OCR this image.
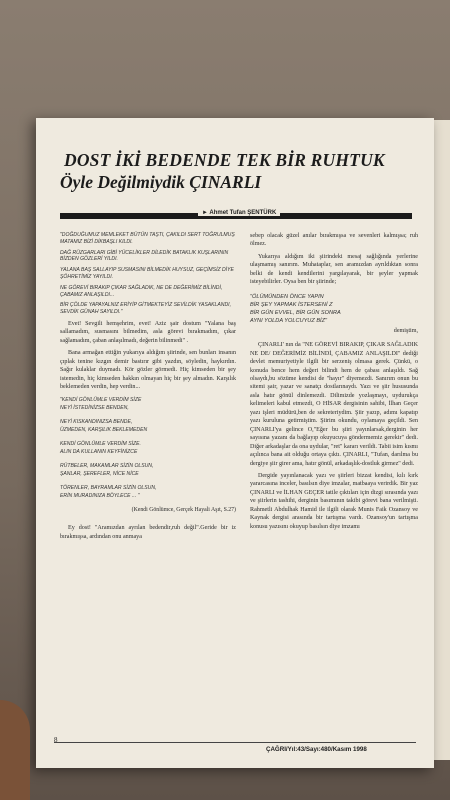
DOST İKİ BEDENDE TEK BİR RUHTUK
Öyle Değilmiydik ÇINARLI
► Ahmet Tufan ŞENTÜRK

"DOĞDUĞUMUZ MEMLEKET BÜTÜN TAŞTI, ÇAKILDI SERT TOĞRULMUŞ MATAMIZ BİZİ DİKBAŞLI KILDI.

DAĞ RÜZGARLARI GİBİ YÜCELİKLER DİLEDİK BATAKLIK KUŞLARININ BİZDEN GÖZLERİ YILDI.

YALANA BAŞ SALLAYIP SUSMASINI BİLMEDİK HUYSUZ, GEÇİMSİZ DİYE ŞÖHRETİMİZ YAYILDI.

NE GÖREVİ BIRAKIP ÇIKAR SAĞLADIK, NE DE DEĞERİMİZ BİLİNDİ, ÇABAMIZ ANLAŞILDI...

BİR ÇÖLDE YAPAYALNIZ ERİYİP GİTMEKTEYİZ SEVİLDİK YASAKLANDI, SEVDİK GÜNAH SAYILDI."

Evet! Sevgili hemşehrim, evet! Aziz şair dostum "Yalana baş sallamadım, susmasını bilmedim, asla görevi bırakmadım, çıkar sağlamadım, çaban anlaşılmadı, değerin bilinmedi" .

Bana armağan ettiğin yukarıya aldığım şiirinde, sen bunları insanın çıplak tenine kızgın demir bastırır gibi yazdın, söyledin, haykırdın. Sağır kulaklar duymadı. Kör gözler görmedi. Hiç kimseden bir şey istemedin, hiç kimseden hakkın olmayan hiç bir şey almadın. Karşılık beklemeden verdin, hep verdin...

"KENDİ GÖNLÜMLE VERDİM SİZE
NEYİ İSTEDİNİZSE BENDEN,
NEYİ KISKANDINIZSA BENDE,
ÜZMEDEN, KARŞILIK BEKLEMEDEN
KENDİ GÖNLÜMLE VERDİM SİZE.
ALIN DA KULLANIN KEYFİNİZCE
RÜTBELER, MAKAMLAR SİZİN OLSUN,
ŞANLAR, ŞEREFLER, NİCE NİCE
TÖRENLER, BAYRAMLAR SİZİN OLSUN,
ERİN MURADINIZA BÖYLECE ... "

(Kendi Gönlümce, Gerçek Hayali Aşıt, S.27)

Ey dost! "Aramızdan ayrılan bedendir,ruh değil".Geride bir iz bırakmışsa, ardından onu anmaya

sebep olacak güzel anılar bırakmışsa ve sevenleri kalmışsa; ruh ölmez.

Yukarıya aldığım iki şiirindeki mesaj sağlığında yerlerine ulaşmamış sanırım. Muhataplar, sen aramızdan ayrıldıktan sonra belki de kendi kendilerini yargılayarak, bir şeyler yapmak isteyebilirler. Oysa ben bir şiirinde;

"ÖLÜMÜNDEN ÖNCE YAPIN
BİR ŞEY YAPMAK İSTERSENİ Z
BİR GÜN EVVEL, BİR GÜN SONRA
AYNI YOLDA YOLCUYUZ BİZ"

demiştim,

ÇINARLI' nın da "NE GÖREVİ BIRAKIP, ÇIKAR SAĞLADIK NE DE/ DEĞERİMİZ BİLİNDİ, ÇABAMIZ ANLAŞILDI" dediği devlet memuriyetiyle ilgili bir serzeniş olmasa gerek. Çünkü, o konuda bence hem değeri bilindi hem de çabası anlaşıldı. Sağ olsaydı,bu sözüme kendisi de "hayır" diyemezdi. Sanırım onun bu sitemi şair, yazar ve sanatçı dostlarınaydı. Yazı ve şiir hususunda asla hatır gönül dinlemezdi. Dilimizde yozlaşmayı, uydurukça kelimeleri kabul etmezdi, O HİSAR dergisinin sahibi, İlhan Geçer yazı işleri müdürü,ben de sekreteriydim. Şiir yazıp, adımı kapatıp yazı kuruluna getirmiştim. Şiirim okundu, oylamaya geçildi. Sen ÇINARLI'ya gelince O,"Eğer bu şiiri yayınlarsak,derginin her sayısına yazanı da bağlayıp okuyucuya göndermemiz gerekir" dedi. Diğer arkadaşlar da ona uydular, "ret" kararı verildi. Tabii isim kısmı açılınca bana ait olduğu ortaya çıktı. ÇINARLI, "Tufan, darılma bu dergiye şiir girer ama, hatır gönül, arkadaşlık-dostluk girmez" dedi.

Dergide yayınlanacak yazı ve şiirleri bizzat kendisi, kılı kırk yararcasına inceler, basılsın diye imzalar, matbaaya verirdik. Bir yaz ÇINARLI ve İLHAN GEÇER tatile çıktıları için dizgi sırasında yazı ve şiirlerin tashihi, derginin basımının takibi görevi bana verilmişti. Rahmetli Abdulhak Hamid ile ilgili olarak Munis Faik Ozansoy ve Kaynak dergisi arasında bir tartışma vardı. Ozansoy'un tartışma konusu yazısını okuyup basılsın diye imzamı

8
ÇAĞRI/Yıl:43/Sayı:480/Kasım 1998
